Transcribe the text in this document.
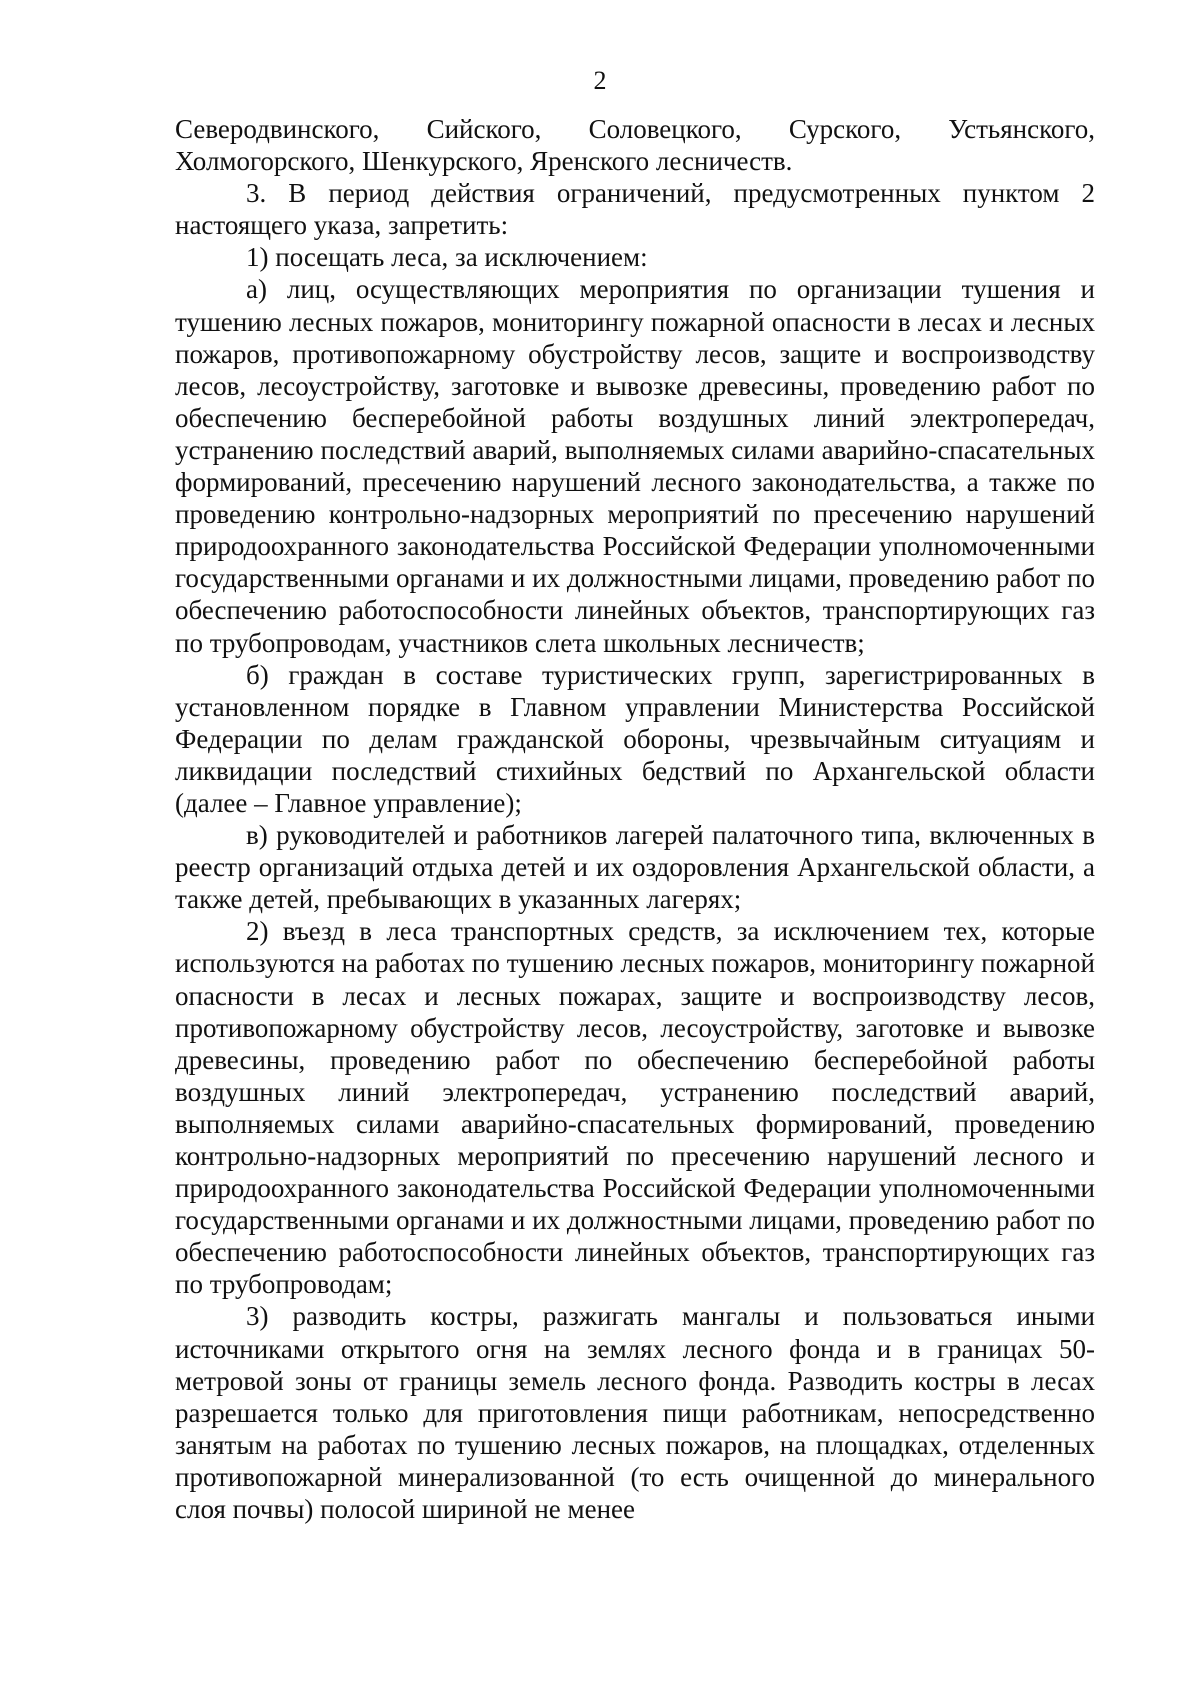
2

Северодвинского, Сийского, Соловецкого, Сурского, Устьянского, Холмогорского, Шенкурского, Яренского лесничеств.

3. В период действия ограничений, предусмотренных пунктом 2 настоящего указа, запретить:

1) посещать леса, за исключением:

а) лиц, осуществляющих мероприятия по организации тушения и тушению лесных пожаров, мониторингу пожарной опасности в лесах и лесных пожаров, противопожарному обустройству лесов, защите и воспроизводству лесов, лесоустройству, заготовке и вывозке древесины, проведению работ по обеспечению бесперебойной работы воздушных линий электропередач, устранению последствий аварий, выполняемых силами аварийно-спасательных формирований, пресечению нарушений лесного законодательства, а также по проведению контрольно-надзорных мероприятий по пресечению нарушений природоохранного законодательства Российской Федерации уполномоченными государственными органами и их должностными лицами, проведению работ по обеспечению работоспособности линейных объектов, транспортирующих газ по трубопроводам, участников слета школьных лесничеств;

б) граждан в составе туристических групп, зарегистрированных в установленном порядке в Главном управлении Министерства Российской Федерации по делам гражданской обороны, чрезвычайным ситуациям и ликвидации последствий стихийных бедствий по Архангельской области (далее – Главное управление);

в) руководителей и работников лагерей палаточного типа, включенных в реестр организаций отдыха детей и их оздоровления Архангельской области, а также детей, пребывающих в указанных лагерях;

2) въезд в леса транспортных средств, за исключением тех, которые используются на работах по тушению лесных пожаров, мониторингу пожарной опасности в лесах и лесных пожарах, защите и воспроизводству лесов, противопожарному обустройству лесов, лесоустройству, заготовке и вывозке древесины, проведению работ по обеспечению бесперебойной работы воздушных линий электропередач, устранению последствий аварий, выполняемых силами аварийно-спасательных формирований, проведению контрольно-надзорных мероприятий по пресечению нарушений лесного и природоохранного законодательства Российской Федерации уполномоченными государственными органами и их должностными лицами, проведению работ по обеспечению работоспособности линейных объектов, транспортирующих газ по трубопроводам;

3) разводить костры, разжигать мангалы и пользоваться иными источниками открытого огня на землях лесного фонда и в границах 50-метровой зоны от границы земель лесного фонда. Разводить костры в лесах разрешается только для приготовления пищи работникам, непосредственно занятым на работах по тушению лесных пожаров, на площадках, отделенных противопожарной минерализованной (то есть очищенной до минерального слоя почвы) полосой шириной не менее
